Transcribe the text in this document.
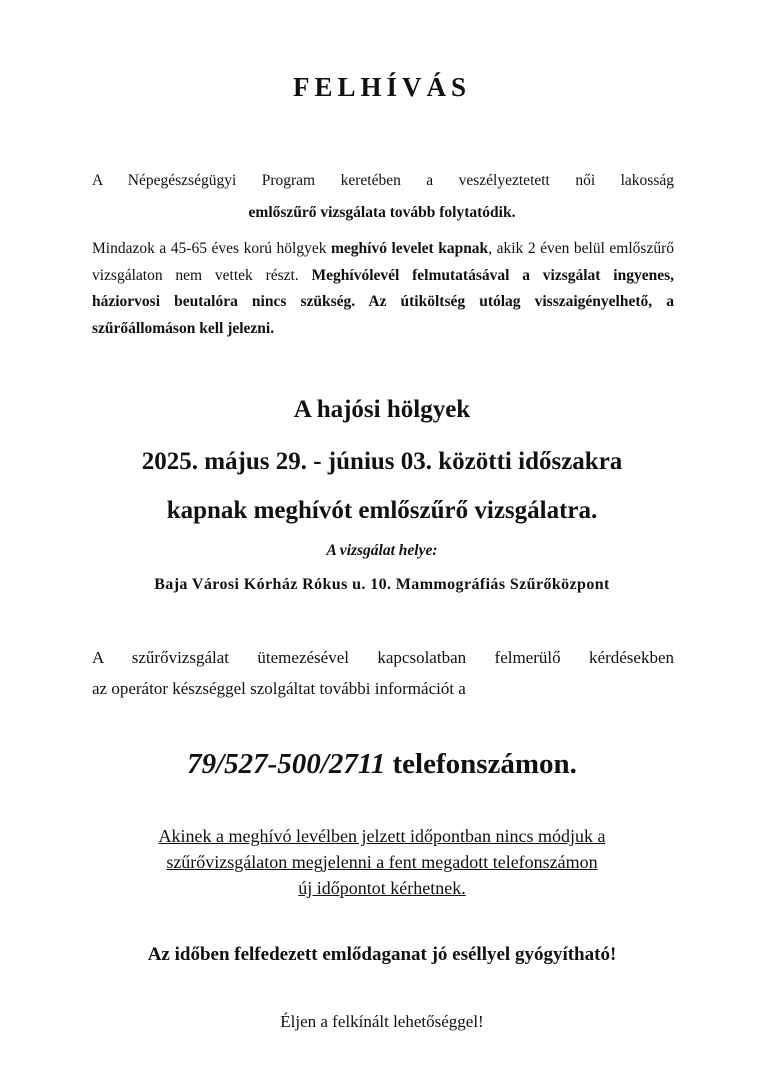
FELHÍVÁS
A Népegészségügyi Program keretében a veszélyeztetett női lakosság
emlőszűrő vizsgálata tovább folytatódik.
Mindazok a 45-65 éves korú hölgyek meghívó levelet kapnak, akik 2 éven belül emlőszűrő vizsgálaton nem vettek részt. Meghívólevél felmutatásával a vizsgálat ingyenes, háziorvosi beutalóra nincs szükség. Az útiköltség utólag visszaigényelhető, a szűrőállomáson kell jelezni.
A hajósi hölgyek
2025. május 29. - június 03. közötti időszakra
kapnak meghívót emlőszűrő vizsgálatra.
A vizsgálat helye:
Baja Városi Kórház Rókus u. 10. Mammográfiás Szűrőközpont
A szűrővizsgálat ütemezésével kapcsolatban felmerülő kérdésekben
az operátor készséggel szolgáltat további információt a
79/527-500/2711 telefonszámon.
Akinek a meghívó levélben jelzett időpontban nincs módjuk a
szűrővizsgálaton megjelenni a fent megadott telefonszámon
új időpontot kérhetnek.
Az időben felfedezett emlődaganat jó eséllyel gyógyítható!
Éljen a felkínált lehetőséggel!
